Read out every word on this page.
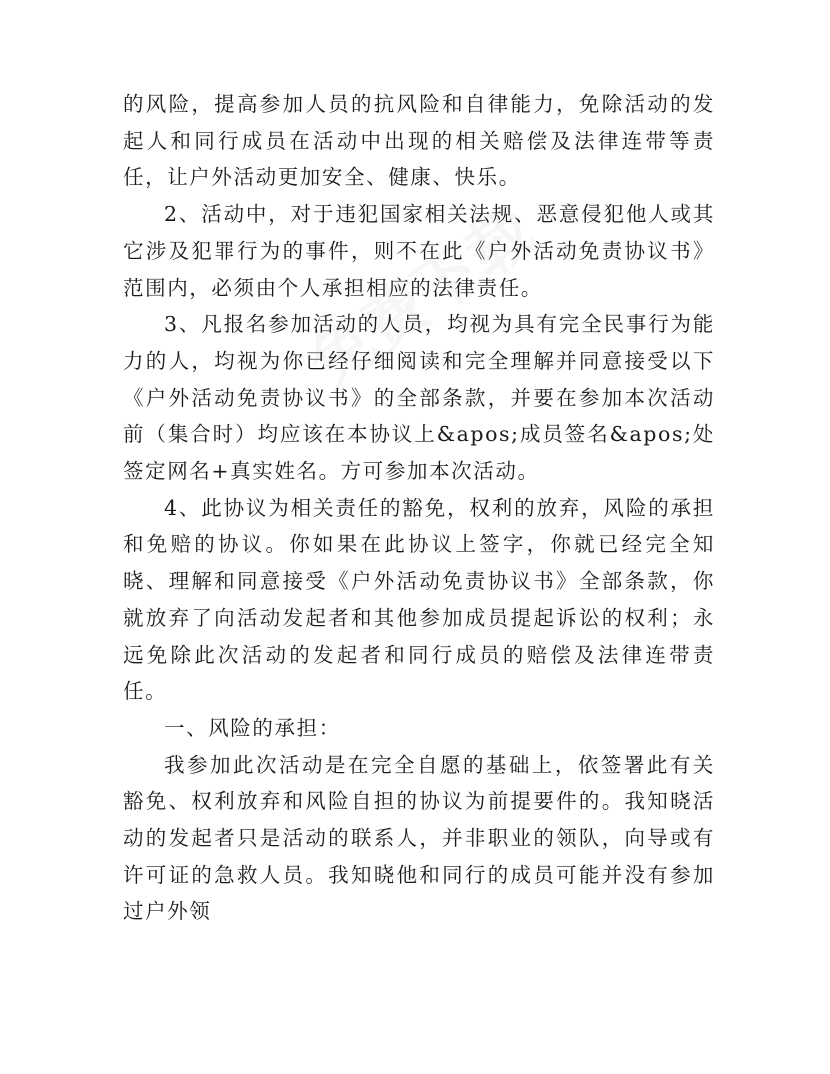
的风险，提高参加人员的抗风险和自律能力，免除活动的发起人和同行成员在活动中出现的相关赔偿及法律连带等责任，让户外活动更加安全、健康、快乐。

2、活动中，对于违犯国家相关法规、恶意侵犯他人或其它涉及犯罪行为的事件，则不在此《户外活动免责协议书》范围内，必须由个人承担相应的法律责任。

3、凡报名参加活动的人员，均视为具有完全民事行为能力的人，均视为你已经仔细阅读和完全理解并同意接受以下《户外活动免责协议书》的全部条款，并要在参加本次活动前（集合时）均应该在本协议上&apos;成员签名&apos;处签定网名+真实姓名。方可参加本次活动。

4、此协议为相关责任的豁免，权利的放弃，风险的承担和免赔的协议。你如果在此协议上签字，你就已经完全知晓、理解和同意接受《户外活动免责协议书》全部条款，你就放弃了向活动发起者和其他参加成员提起诉讼的权利；永远免除此次活动的发起者和同行成员的赔偿及法律连带责任。

一、风险的承担：

我参加此次活动是在完全自愿的基础上，依签署此有关豁免、权利放弃和风险自担的协议为前提要件的。我知晓活动的发起者只是活动的联系人，并非职业的领队，向导或有许可证的急救人员。我知晓他和同行的成员可能并没有参加过户外领
